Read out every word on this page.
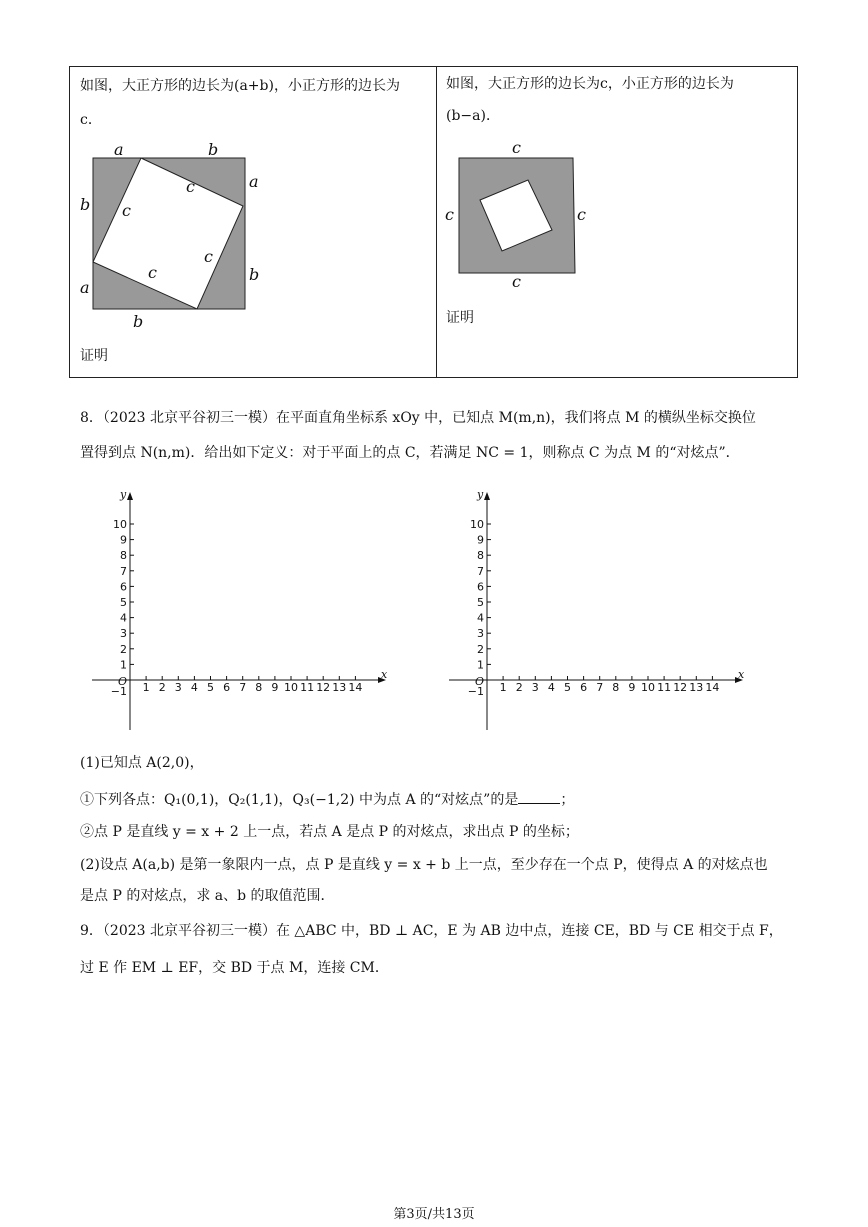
如图，大正方形的边长为(a+b)，小正方形的边长为
c．
证明
如图，大正方形的边长为c，小正方形的边长为
(b−a)．
证明
a	b
a
b
b
a
b
c
c
c
c
c
c	c
c
8．（2023 北京平谷初三一模）在平面直角坐标系 xOy 中，已知点 M(m,n)，我们将点 M 的横纵坐标交换位
置得到点 N(n,m)．给出如下定义：对于平面上的点 C，若满足 NC = 1，则称点 C 为点 M 的“对炫点”．
x
y
O 1 2 3 4 5 6 7 8 9 10 11 12 13 14
10
9
8
7
6
5
4
3
2
1
−1
x
y
O 1 2 3 4 5 6 7 8 9 10 11 12 13 14
10
9
8
7
6
5
4
3
2
1
−1
(1)已知点 A(2,0)，
①下列各点：Q₁(0,1)，Q₂(1,1)，Q₃(−1,2) 中为点 A 的“对炫点”的是	；
②点 P 是直线 y = x + 2 上一点，若点 A 是点 P 的对炫点，求出点 P 的坐标；
(2)设点 A(a,b) 是第一象限内一点，点 P 是直线 y = x + b 上一点，至少存在一个点 P，使得点 A 的对炫点也
是点 P 的对炫点，求 a、b 的取值范围．
9．（2023 北京平谷初三一模）在 △ABC 中，BD ⊥ AC，E 为 AB 边中点，连接 CE，BD 与 CE 相交于点 F，
过 E 作 EM ⊥ EF，交 BD 于点 M，连接 CM．
第3页/共13页
